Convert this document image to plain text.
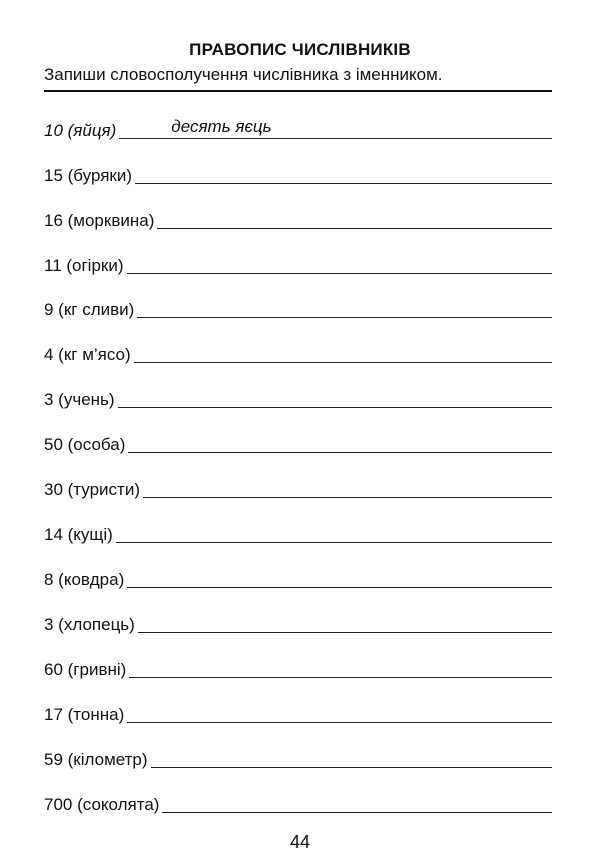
ПРАВОПИС ЧИСЛІВНИКІВ
Запиши словосполучення числівника з іменником.
10 (яйця)	десять яєць
15 (буряки)
16 (морквина)
11 (огірки)
9 (кг сливи)
4 (кг м’ясо)
3 (учень)
50 (особа)
30 (туристи)
14 (кущі)
8 (ковдра)
3 (хлопець)
60 (гривні)
17 (тонна)
59 (кілометр)
700 (соколята)
44
